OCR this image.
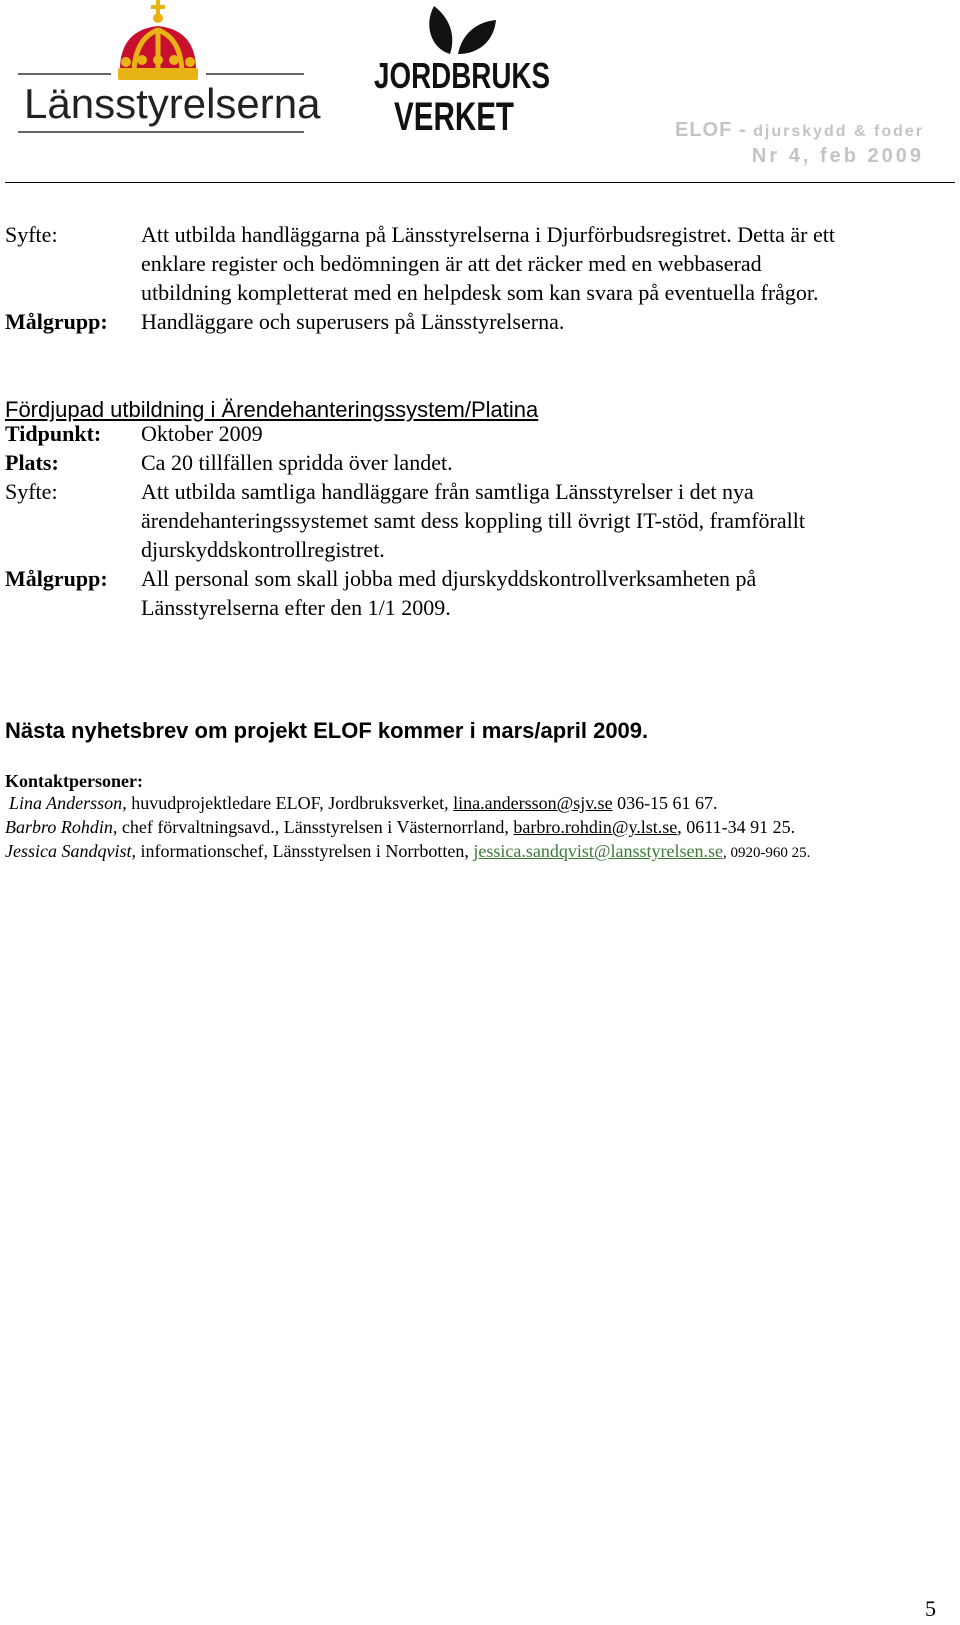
Länsstyrelserna
JORDBRUKS
VERKET	ELOF - djurskydd & foder
Nr 4, feb 2009
Syfte:	Att utbilda handläggarna på Länsstyrelserna i Djurförbudsregistret. Detta är ett
enklare register och bedömningen är att det räcker med en webbaserad
utbildning kompletterat med en helpdesk som kan svara på eventuella frågor.
Målgrupp:	Handläggare och superusers på Länsstyrelserna.
Fördjupad utbildning i Ärendehanteringssystem/Platina
Tidpunkt:	Oktober 2009
Plats:	Ca 20 tillfällen spridda över landet.
Syfte:	Att utbilda samtliga handläggare från samtliga Länsstyrelser i det nya
ärendehanteringssystemet samt dess koppling till övrigt IT-stöd, framförallt
djurskyddskontrollregistret.
Målgrupp:	All personal som skall jobba med djurskyddskontrollverksamheten på
Länsstyrelserna efter den 1/1 2009.
Nästa nyhetsbrev om projekt ELOF kommer i mars/april 2009.
Kontaktpersoner:
Lina Andersson, huvudprojektledare ELOF, Jordbruksverket, lina.andersson@sjv.se 036-15 61 67.
Barbro Rohdin, chef förvaltningsavd., Länsstyrelsen i Västernorrland, barbro.rohdin@y.lst.se, 0611-34 91 25.
Jessica Sandqvist, informationschef, Länsstyrelsen i Norrbotten, jessica.sandqvist@lansstyrelsen.se, 0920-960 25.
5
